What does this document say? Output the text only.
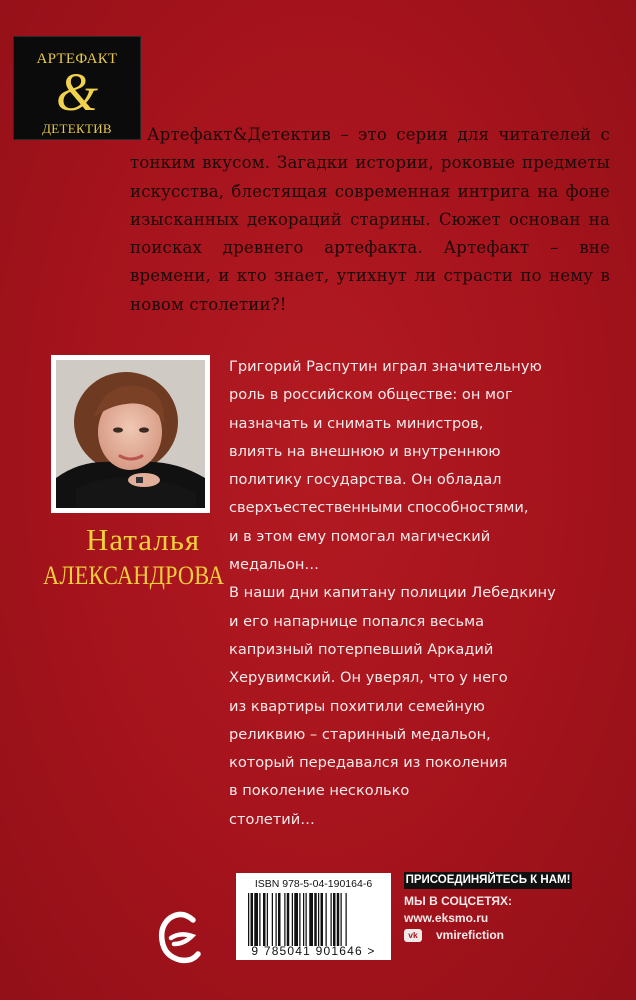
АРТЕФАКТ
&
ДЕТЕКТИВ	Артефакт&Детектив – это серия для читателей с тонким вкусом. Загадки истории, роковые предметы искусства, блестящая современная интрига на фоне изысканных декораций старины. Сюжет основан на поисках древнего артефакта. Артефакт – вне времени, и кто знает, утихнут ли страсти по нему в новом столетии?!

Наталья
АЛЕКСАНДРОВА

Григорий Распутин играл значительную
роль в российском обществе: он мог
назначать и снимать министров,
влиять на внешнюю и внутреннюю
политику государства. Он обладал
сверхъестественными способностями,
и в этом ему помогал магический
медальон…

В наши дни капитану полиции Лебедкину
и его напарнице попался весьма
капризный потерпевший Аркадий
Херувимский. Он уверял, что у него
из квартиры похитили семейную
реликвию – старинный медальон,
который передавался из поколения
в поколение несколько
столетий…

ISBN 978-5-04-190164-6
9 785041 901646 >
ПРИСОЕДИНЯЙТЕСЬ К НАМ!
МЫ В СОЦСЕТЯХ:
www.eksmo.ru
vk	vmirefiction
